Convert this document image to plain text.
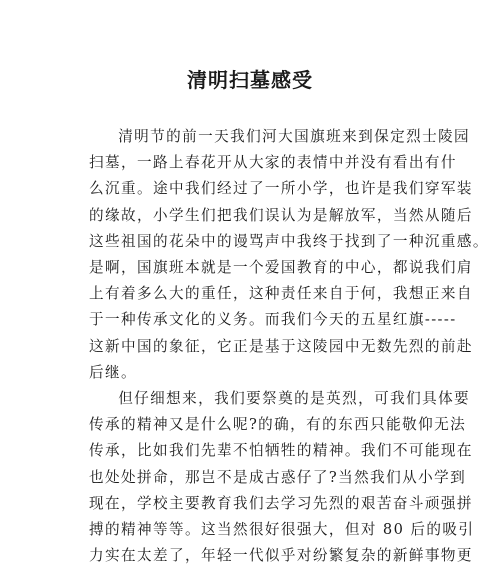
清明扫墓感受

清明节的前一天我们河大国旗班来到保定烈士陵园
扫墓，一路上春花开从大家的表情中并没有看出有什
么沉重。途中我们经过了一所小学，也许是我们穿军装
的缘故，小学生们把我们误认为是解放军，当然从随后
这些祖国的花朵中的谩骂声中我终于找到了一种沉重感。
是啊，国旗班本就是一个爱国教育的中心，都说我们肩
上有着多么大的重任，这种责任来自于何，我想正来自
于一种传承文化的义务。而我们今天的五星红旗-----
这新中国的象征，它正是基于这陵园中无数先烈的前赴
后继。

但仔细想来，我们要祭奠的是英烈，可我们具体要
传承的精神又是什么呢?的确，有的东西只能敬仰无法
传承，比如我们先辈不怕牺牲的精神。我们不可能现在
也处处拼命，那岂不是成古惑仔了?当然我们从小学到
现在，学校主要教育我们去学习先烈的艰苦奋斗顽强拼
搏的精神等等。这当然很好很强大，但对 80 后的吸引
力实在太差了，年轻一代似乎对纷繁复杂的新鲜事物更
